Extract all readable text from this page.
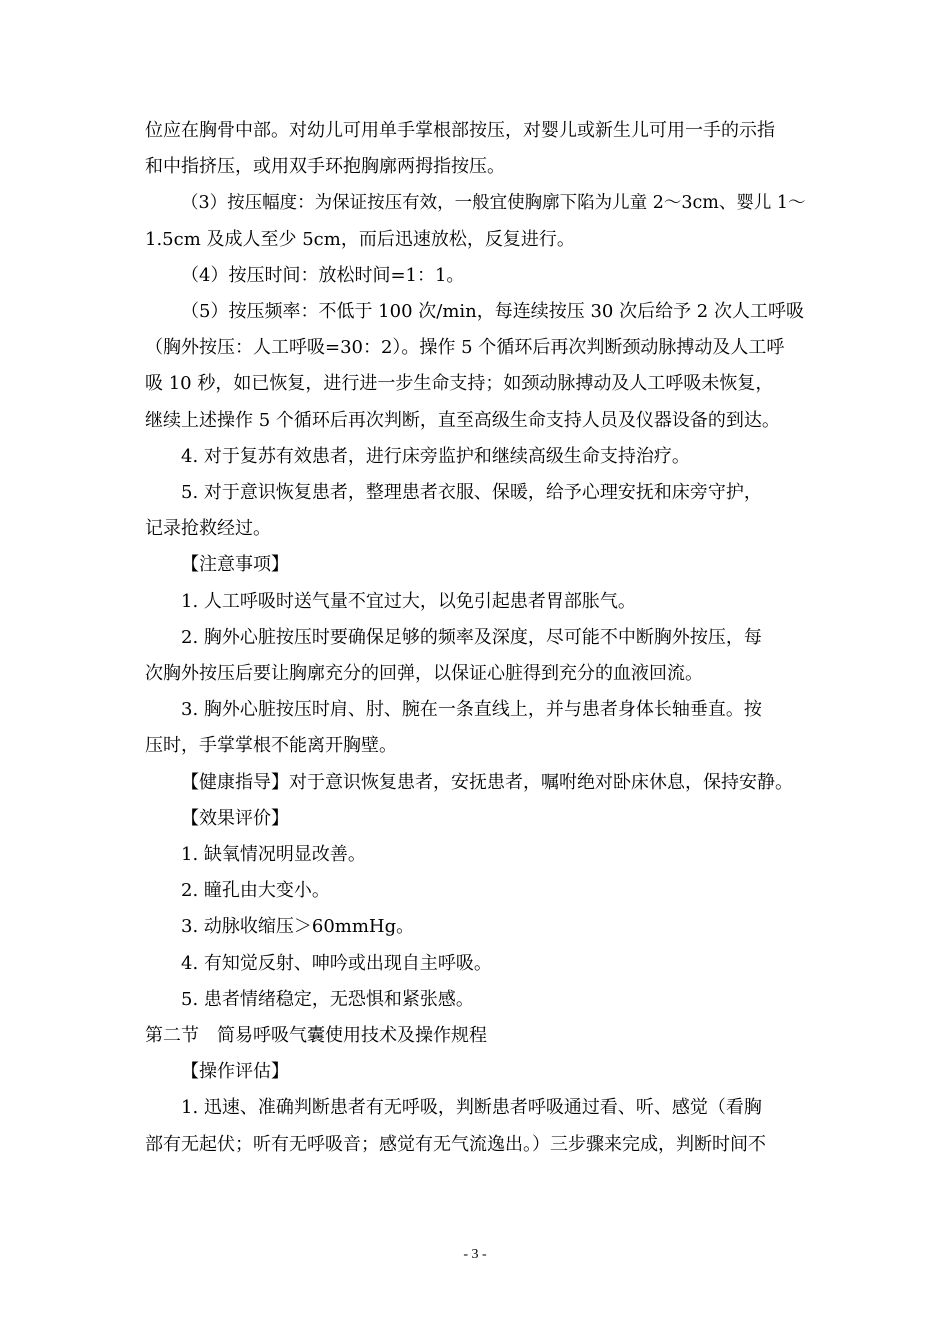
位应在胸骨中部。对幼儿可用单手掌根部按压，对婴儿或新生儿可用一手的示指

和中指挤压，或用双手环抱胸廓两拇指按压。

（3）按压幅度：为保证按压有效，一般宜使胸廓下陷为儿童 2～3cm、婴儿 1～

1.5cm 及成人至少 5cm，而后迅速放松，反复进行。

（4）按压时间：放松时间=1：1。

（5）按压频率：不低于 100 次/min，每连续按压 30 次后给予 2 次人工呼吸

（胸外按压：人工呼吸=30：2）。操作 5 个循环后再次判断颈动脉搏动及人工呼

吸 10 秒，如已恢复，进行进一步生命支持；如颈动脉搏动及人工呼吸未恢复，

继续上述操作 5 个循环后再次判断，直至高级生命支持人员及仪器设备的到达。

4. 对于复苏有效患者，进行床旁监护和继续高级生命支持治疗。

5. 对于意识恢复患者，整理患者衣服、保暖，给予心理安抚和床旁守护，

记录抢救经过。

【注意事项】

1. 人工呼吸时送气量不宜过大，以免引起患者胃部胀气。

2. 胸外心脏按压时要确保足够的频率及深度，尽可能不中断胸外按压，每

次胸外按压后要让胸廓充分的回弹，以保证心脏得到充分的血液回流。

3. 胸外心脏按压时肩、肘、腕在一条直线上，并与患者身体长轴垂直。按

压时，手掌掌根不能离开胸壁。

【健康指导】对于意识恢复患者，安抚患者，嘱咐绝对卧床休息，保持安静。

【效果评价】

1. 缺氧情况明显改善。

2. 瞳孔由大变小。

3. 动脉收缩压＞60mmHg。

4. 有知觉反射、呻吟或出现自主呼吸。

5. 患者情绪稳定，无恐惧和紧张感。

第二节　简易呼吸气囊使用技术及操作规程

【操作评估】

1. 迅速、准确判断患者有无呼吸，判断患者呼吸通过看、听、感觉（看胸

部有无起伏；听有无呼吸音；感觉有无气流逸出。）三步骤来完成，判断时间不

- 3 -
